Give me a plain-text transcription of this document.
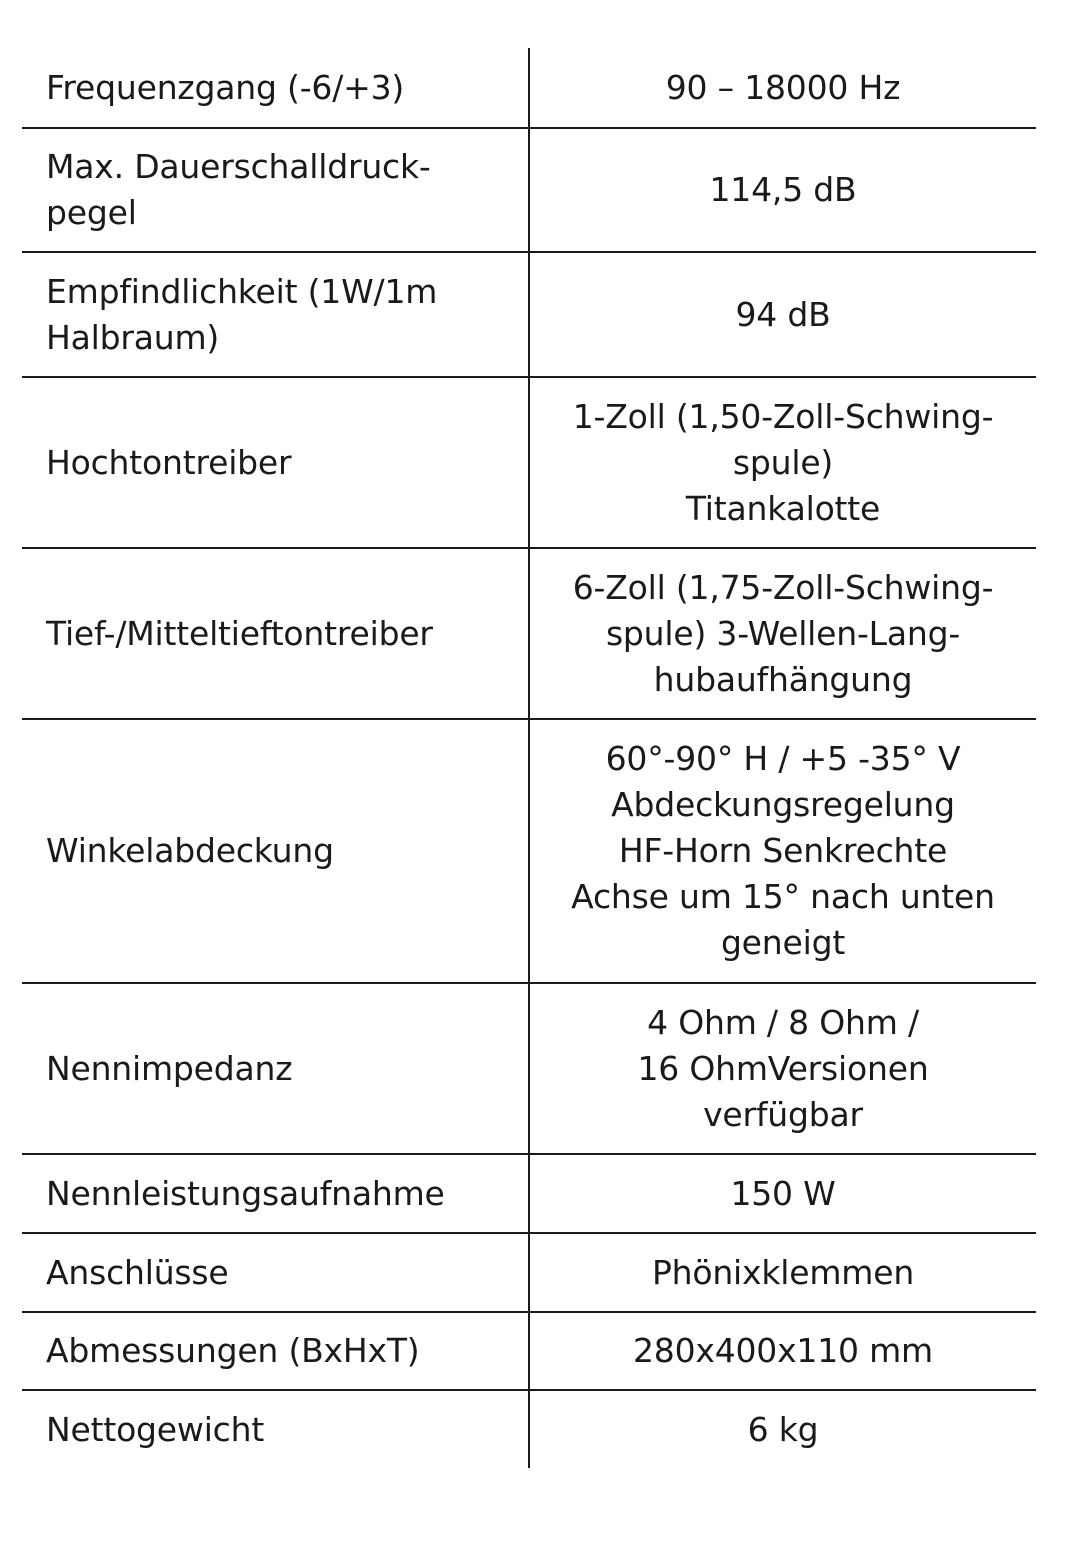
Frequenzgang (-6/+3)	90 – 18000 Hz
Max. Dauerschalldruck-
pegel	114,5 dB
Empfindlichkeit (1W/1m
Halbraum)	94 dB
Hochtontreiber	1-Zoll (1,50-Zoll-Schwing-
spule)
Titankalotte
Tief-/Mitteltieftontreiber	6-Zoll (1,75-Zoll-Schwing-
spule) 3-Wellen-Lang-
hubaufhängung
Winkelabdeckung	60°-90° H / +5 -35° V
Abdeckungsregelung
HF-Horn Senkrechte
Achse um 15° nach unten
geneigt
Nennimpedanz	4 Ohm / 8 Ohm /
16 OhmVersionen
verfügbar
Nennleistungsaufnahme	150 W
Anschlüsse	Phönixklemmen
Abmessungen (BxHxT)	280x400x110 mm
Nettogewicht	6 kg
